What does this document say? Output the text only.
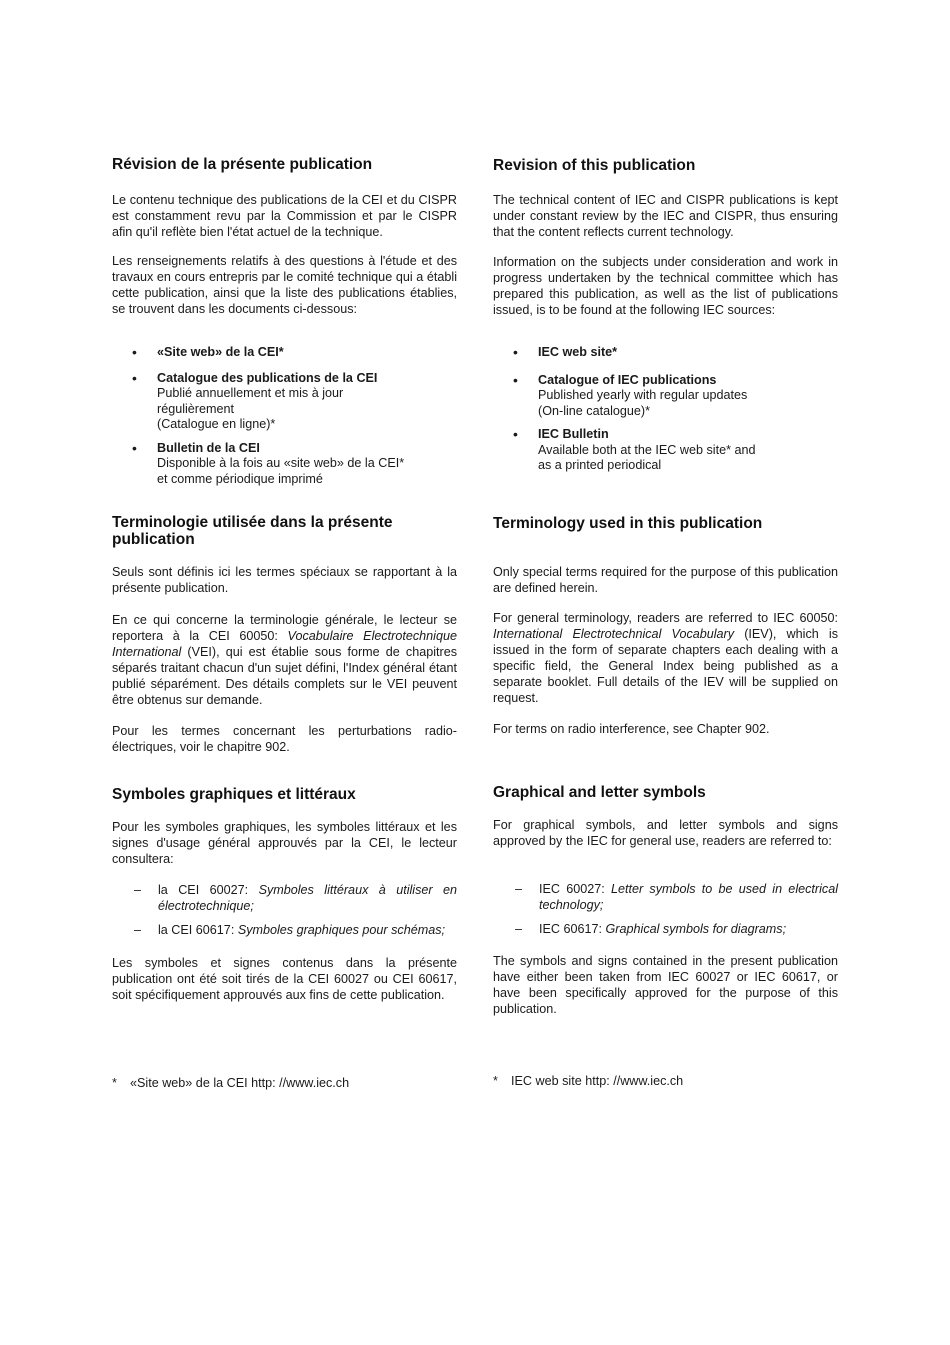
Révision de la présente publication

Le contenu technique des publications de la CEI et du CISPR est constamment revu par la Commission et par le CISPR afin qu'il reflète bien l'état actuel de la technique.

Les renseignements relatifs à des questions à l'étude et des travaux en cours entrepris par le comité technique qui a établi cette publication, ainsi que la liste des publications établies, se trouvent dans les documents ci-dessous:

• «Site web» de la CEI*
• Catalogue des publications de la CEI
Publié annuellement et mis à jour
régulièrement
(Catalogue en ligne)*
• Bulletin de la CEI
Disponible à la fois au «site web» de la CEI*
et comme périodique imprimé
Terminologie utilisée dans la présente publication

Seuls sont définis ici les termes spéciaux se rapportant à la présente publication.

En ce qui concerne la terminologie générale, le lecteur se reportera à la CEI 60050: Vocabulaire Electrotechnique International (VEI), qui est établie sous forme de chapitres séparés traitant chacun d'un sujet défini, l'Index général étant publié séparément. Des détails complets sur le VEI peuvent être obtenus sur demande.

Pour les termes concernant les perturbations radio-électriques, voir le chapitre 902.

Symboles graphiques et littéraux

Pour les symboles graphiques, les symboles littéraux et les signes d'usage général approuvés par la CEI, le lecteur consultera:

–	la CEI 60027: Symboles littéraux à utiliser en électrotechnique;
–	la CEI 60617: Symboles graphiques pour schémas;

Les symboles et signes contenus dans la présente publication ont été soit tirés de la CEI 60027 ou CEI 60617, soit spécifiquement approuvés aux fins de cette publication.

* «Site web» de la CEI http: //www.iec.ch
Revision of this publication

The technical content of IEC and CISPR publications is kept under constant review by the IEC and CISPR, thus ensuring that the content reflects current technology.

Information on the subjects under consideration and work in progress undertaken by the technical committee which has prepared this publication, as well as the list of publications issued, is to be found at the following IEC sources:

• IEC web site*
• Catalogue of IEC publications
Published yearly with regular updates
(On-line catalogue)*
• IEC Bulletin
Available both at the IEC web site* and
as a printed periodical
Terminology used in this publication

Only special terms required for the purpose of this publication are defined herein.

For general terminology, readers are referred to IEC 60050: International Electrotechnical Vocabulary (IEV), which is issued in the form of separate chapters each dealing with a specific field, the General Index being published as a separate booklet. Full details of the IEV will be supplied on request.

For terms on radio interference, see Chapter 902.

Graphical and letter symbols

For graphical symbols, and letter symbols and signs approved by the IEC for general use, readers are referred to:

–	IEC 60027: Letter symbols to be used in electrical technology;
–	IEC 60617: Graphical symbols for diagrams;

The symbols and signs contained in the present publication have either been taken from IEC 60027 or IEC 60617, or have been specifically approved for the purpose of this publication.

* IEC web site http: //www.iec.ch
